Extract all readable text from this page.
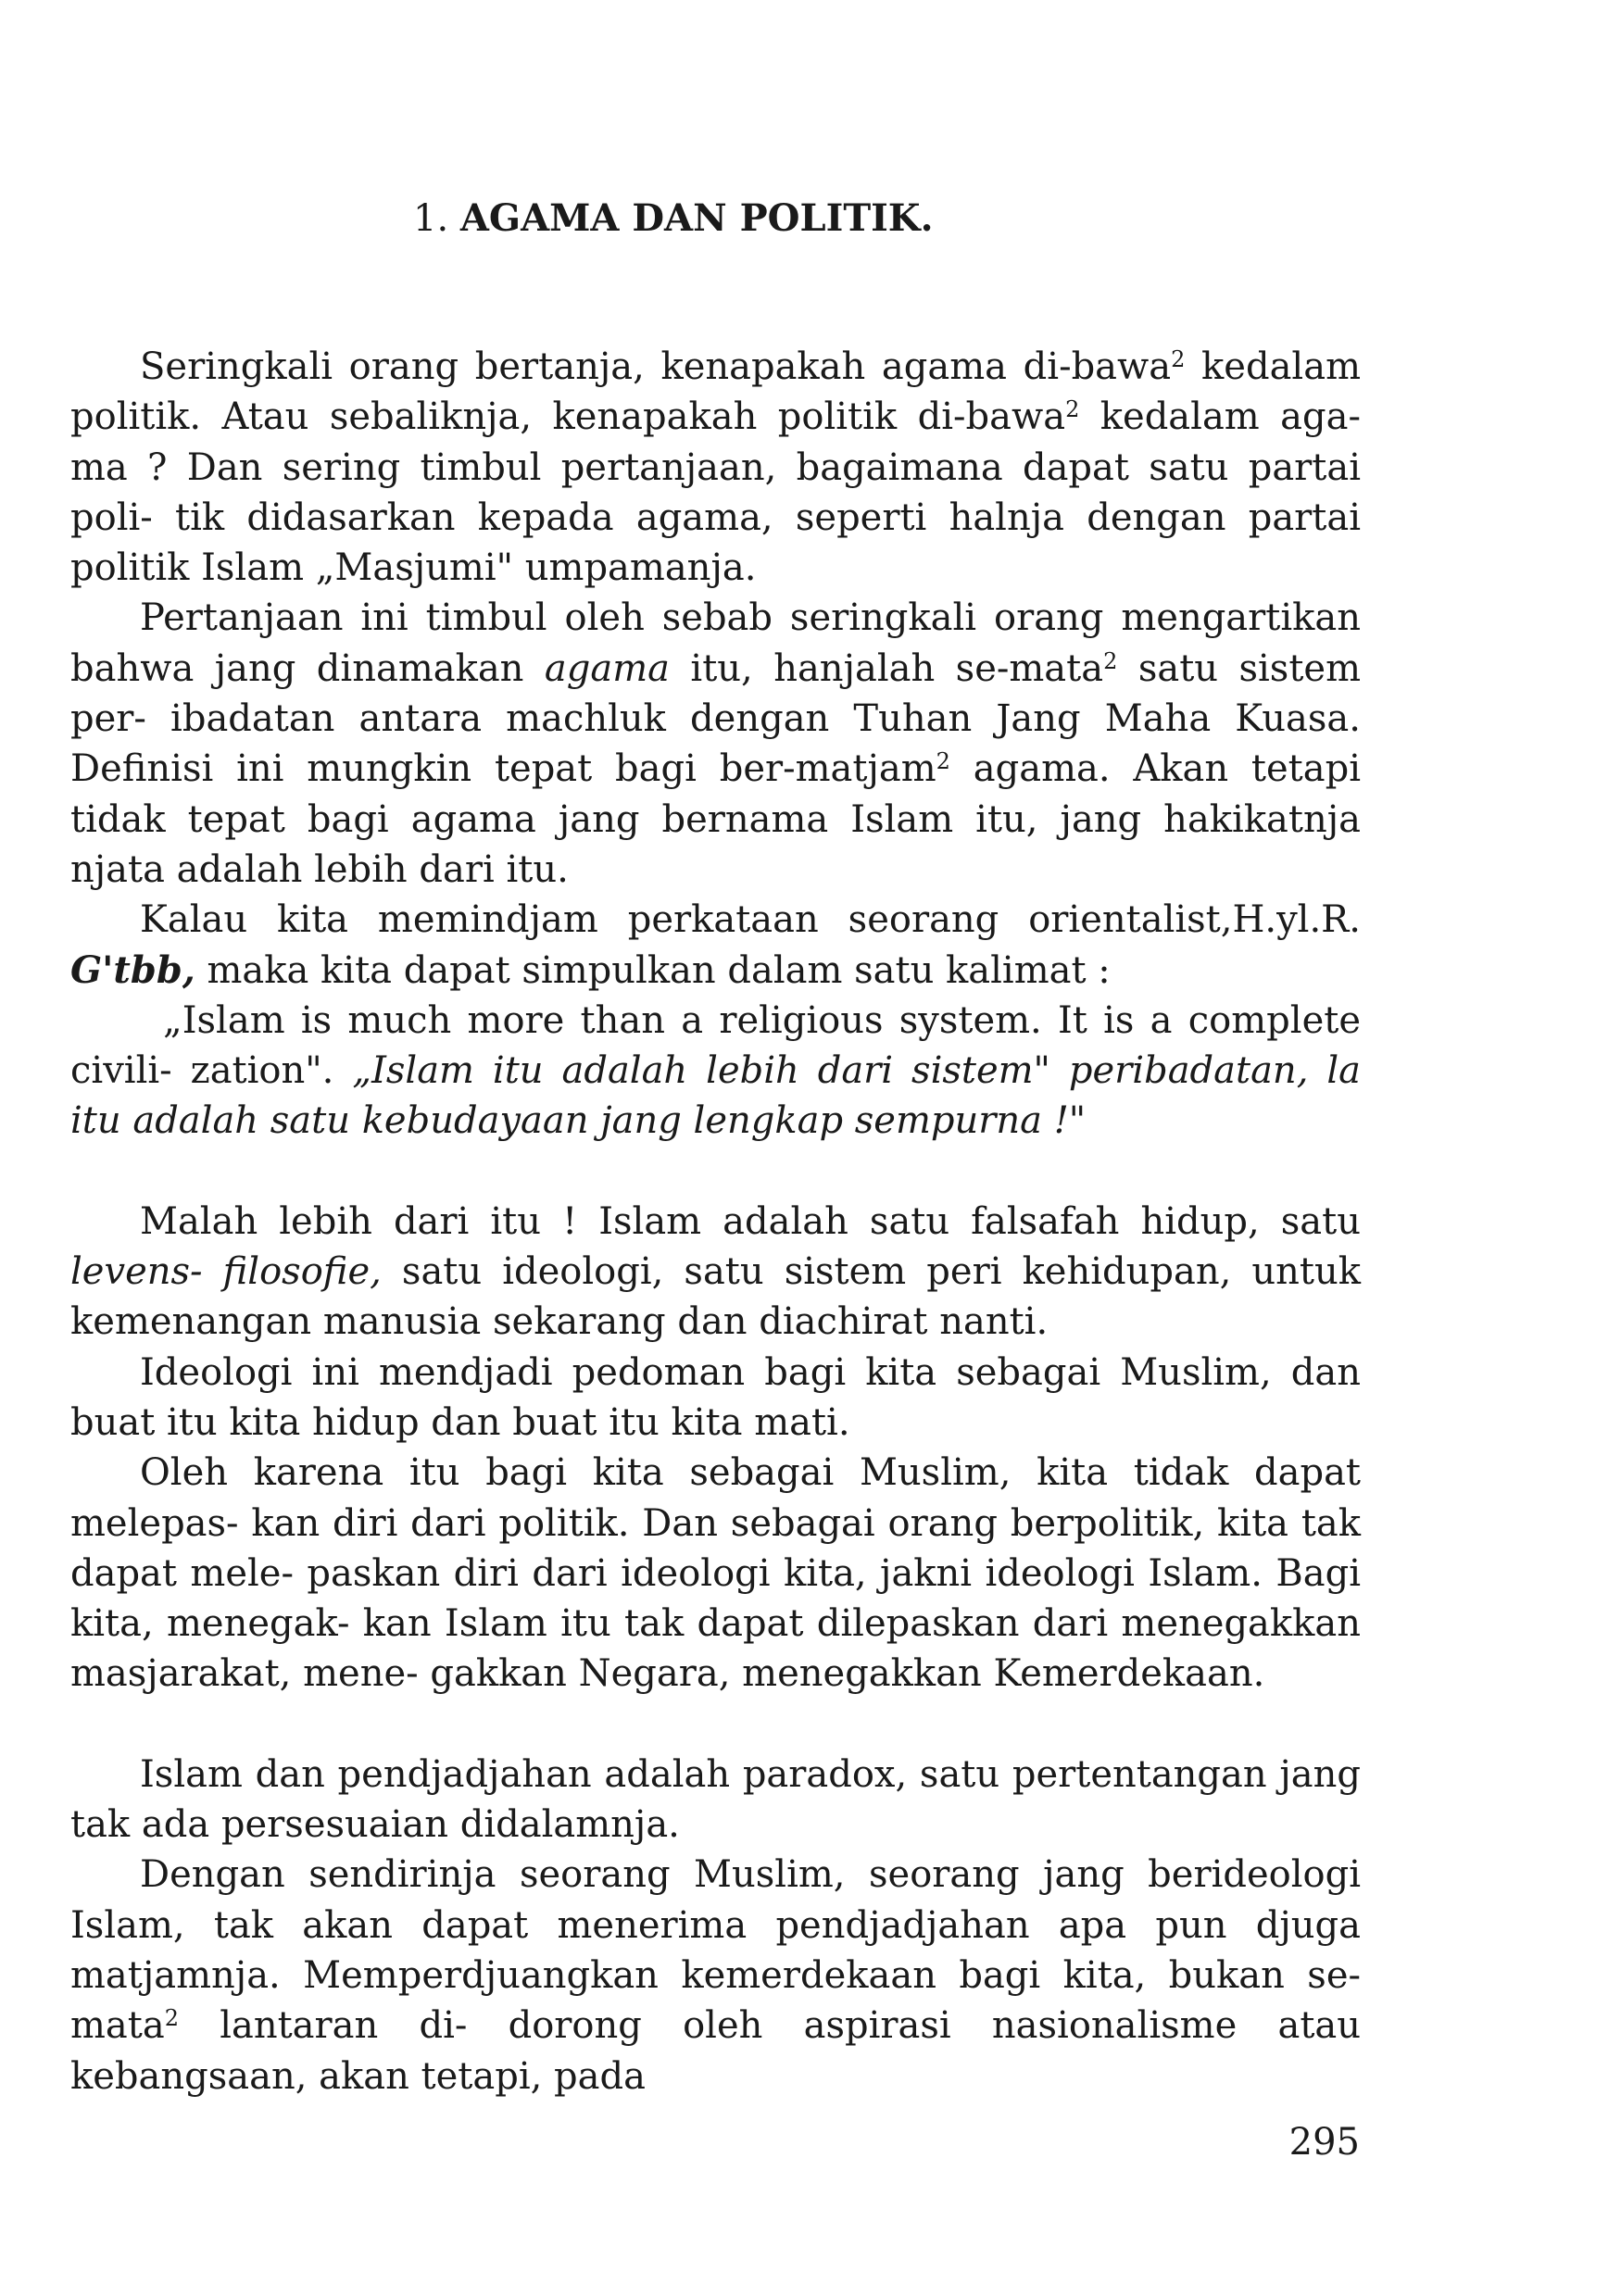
1. AGAMA DAN POLITIK.

Seringkali orang bertanja, kenapakah agama di-bawa$^2$ kedalam politik. Atau sebaliknja, kenapakah politik di-bawa$^2$ kedalam aga- ma ? Dan sering timbul pertanjaan, bagaimana dapat satu partai poli- tik didasarkan kepada agama, seperti halnja dengan partai politik Islam „Masjumi" umpamanja.

Pertanjaan ini timbul oleh sebab seringkali orang mengartikan bahwa jang dinamakan agama itu, hanjalah se-mata$^2$ satu sistem per- ibadatan antara machluk dengan Tuhan Jang Maha Kuasa. Definisi ini mungkin tepat bagi ber-matjam$^2$ agama. Akan tetapi tidak tepat bagi agama jang bernama Islam itu, jang hakikatnja njata adalah lebih dari itu.

Kalau kita memindjam perkataan seorang orientalist,H.yl.R. G'tbb, maka kita dapat simpulkan dalam satu kalimat :

„Islam is much more than a religious system. It is a complete civili- zation". „Islam itu adalah lebih dari sistem" peribadatan, la itu adalah satu kebudayaan jang lengkap sempurna !"

Malah lebih dari itu ! Islam adalah satu falsafah hidup, satu levens- filosofie, satu ideologi, satu sistem peri kehidupan, untuk kemenangan manusia sekarang dan diachirat nanti.

Ideologi ini mendjadi pedoman bagi kita sebagai Muslim, dan buat itu kita hidup dan buat itu kita mati.

Oleh karena itu bagi kita sebagai Muslim, kita tidak dapat melepas- kan diri dari politik. Dan sebagai orang berpolitik, kita tak dapat mele- paskan diri dari ideologi kita, jakni ideologi Islam. Bagi kita, menegak- kan Islam itu tak dapat dilepaskan dari menegakkan masjarakat, mene- gakkan Negara, menegakkan Kemerdekaan.

Islam dan pendjadjahan adalah paradox, satu pertentangan jang tak ada persesuaian didalamnja.

Dengan sendirinja seorang Muslim, seorang jang berideologi Islam, tak akan dapat menerima pendjadjahan apa pun djuga matjamnja. Memperdjuangkan kemerdekaan bagi kita, bukan se-mata$^2$ lantaran di- dorong oleh aspirasi nasionalisme atau kebangsaan, akan tetapi, pada

295
